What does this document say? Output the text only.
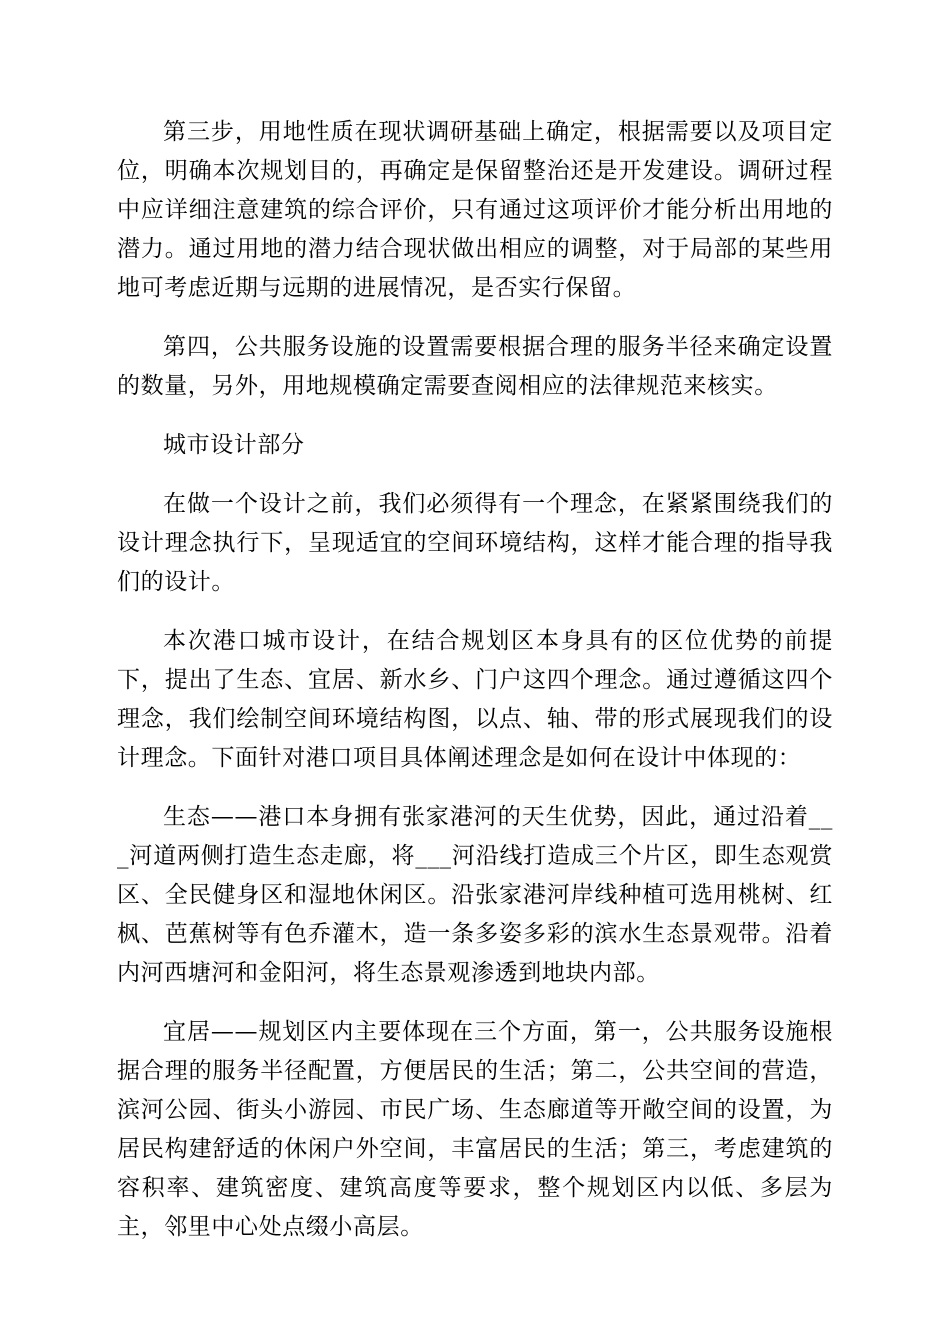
第三步，用地性质在现状调研基础上确定，根据需要以及项目定位，明确本次规划目的，再确定是保留整治还是开发建设。调研过程中应详细注意建筑的综合评价，只有通过这项评价才能分析出用地的潜力。通过用地的潜力结合现状做出相应的调整，对于局部的某些用地可考虑近期与远期的进展情况，是否实行保留。

第四，公共服务设施的设置需要根据合理的服务半径来确定设置的数量，另外，用地规模确定需要查阅相应的法律规范来核实。

城市设计部分

在做一个设计之前，我们必须得有一个理念，在紧紧围绕我们的设计理念执行下，呈现适宜的空间环境结构，这样才能合理的指导我们的设计。

本次港口城市设计，在结合规划区本身具有的区位优势的前提下，提出了生态、宜居、新水乡、门户这四个理念。通过遵循这四个理念，我们绘制空间环境结构图，以点、轴、带的形式展现我们的设计理念。下面针对港口项目具体阐述理念是如何在设计中体现的：

生态——港口本身拥有张家港河的天生优势，因此，通过沿着___河道两侧打造生态走廊，将___河沿线打造成三个片区，即生态观赏区、全民健身区和湿地休闲区。沿张家港河岸线种植可选用桃树、红枫、芭蕉树等有色乔灌木，造一条多姿多彩的滨水生态景观带。沿着内河西塘河和金阳河，将生态景观渗透到地块内部。

宜居——规划区内主要体现在三个方面，第一，公共服务设施根据合理的服务半径配置，方便居民的生活；第二，公共空间的营造，滨河公园、街头小游园、市民广场、生态廊道等开敞空间的设置，为居民构建舒适的休闲户外空间，丰富居民的生活；第三，考虑建筑的容积率、建筑密度、建筑高度等要求，整个规划区内以低、多层为主，邻里中心处点缀小高层。
